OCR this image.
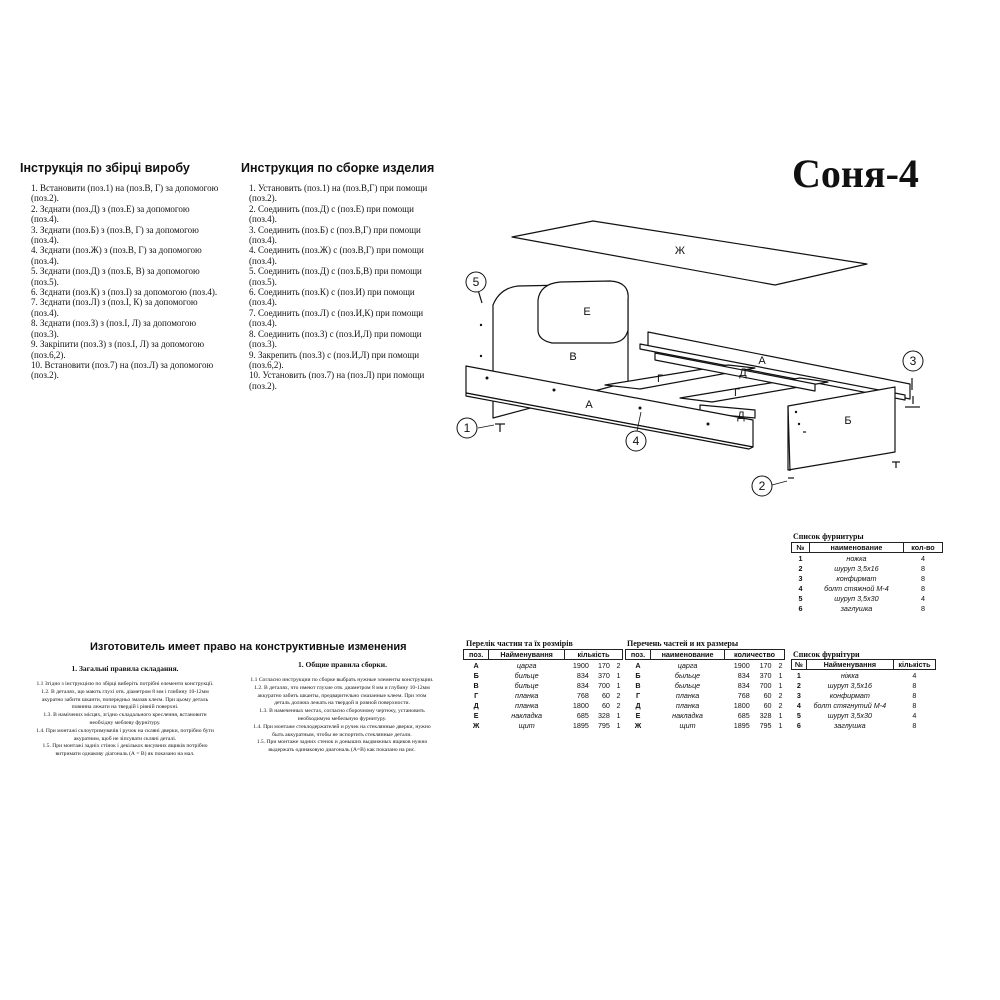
Інструкція по збірці виробу
1. Встановити (поз.1) на (поз.В, Г) за допомогою
(поз.2).
2. Зєднати (поз.Д) з (поз.Е) за допомогою
(поз.4).
3. Зєднати (поз.Б) з (поз.В, Г) за допомогою
(поз.4).
4. Зєднати (поз.Ж) з (поз.В, Г) за допомогою
(поз.4).
5. Зєднати (поз.Д) з (поз.Б, В) за допомогою
(поз.5).
6. Зєднати (поз.К) з (поз.І) за допомогою (поз.4).
7. Зєднати (поз.Л) з (поз.І, К) за допомогою
(поз.4).
8. Зєднати (поз.З) з (поз.І, Л) за допомогою
(поз.3).
9. Закріпити (поз.З) з (поз.І, Л) за допомогою
(поз.6,2).
10. Встановити (поз.7) на (поз.Л) за допомогою
(поз.2).
Инструкция по сборке изделия
1. Установить (поз.1) на (поз.В,Г) при помощи
(поз.2).
2. Соединить (поз.Д) с (поз.Е) при помощи
(поз.4).
3. Соединить (поз.Б) с (поз.В,Г) при помощи
(поз.4).
4. Соединить (поз.Ж) с (поз.В,Г) при помощи
(поз.4).
5. Соединить (поз.Д) с (поз.Б,В) при помощи
(поз.5).
6. Соединить (поз.К) с (поз.И) при помощи
(поз.4).
7. Соединить (поз.Л) с (поз.И,К) при помощи
(поз.4).
8. Соединить (поз.З) с (поз.И,Л) при помощи
(поз.3).
9. Закрепить (поз.З) с (поз.И,Л) при помощи
(поз.6,2).
10. Установить (поз.7) на (поз.Л) при помощи
(поз.2).
Соня-4
Ж
Е
В	А
Г
Г
Д
Д
А
Б
5
3
1
4
2
Список фурнитуры
№	наименование	кол-во
1	ножка	4
2	шуруп 3,5х16	8
3	конфирмат	8
4	болт стяжной М-4	8
5	шуруп 3,5х30	4
6	заглушка	8
Изготовитель имеет право на конструктивные изменения
1. Загальні правила складання.
1.1 Згідно з інструкцією по збірці виберіть потрібні елементи конструкції.
1.2. В деталях, що мають глухі отв. діаметром 8 мм і глибину 10-12мм
акуратно забити шканти, попередньо змазав клеєм. При цьому деталь
повинна лежати на твердій і рівній поверхні.
1.3. В намічених місцях, згідно складального креслення, встановити
необхідну меблеву фурнітуру.
1.4. При монтажі склоутримувачів і ручок на скляні дверки, потрібно бути
акуратним, щоб не зіпсувати скляні деталі.
1.5. При монтажі задніх стінок і декількох висувних ящиків потрібно
витримати однакову діагональ (А = В) як показано на мал.
1. Общие правила сборки.
1.1 Согласно инструкции по сборке выбрать нужные элементы конструкции.
1.2. В деталях, что имеют глухие отв. диаметром 8 мм и глубину 10-12мм
аккуратно забить шканты, предварительно смазанные клеем. При этом
деталь должна лежать на твердой и ровной поверхности.
1.3. В намеченных местах, согласно сборочному чертежу, установить
необходимую мебельную фурнитуру.
1.4. При монтаже стеклодержателей и ручек на стеклянные дверки, нужно
быть аккуратным, чтобы не испортить стеклянные детали.
1.5. При монтаже задних стенок и доныших выдвижных ящиков нужно
выдержать одинаковую диагональ (А=В) как показано на рис.
Перелік частин та їх розмірів
поз.	Найменування	кількість		
А	царга	1900	170	2
Б	бильце	834	370	1
В	бильце	834	700	1
Г	планка	768	60	2
Д	планка	1800	60	2
Е	накладка	685	328	1
Ж	щит	1895	795	1
Перечень частей и их размеры
поз.	наименование	количество		
А	царга	1900	170	2
Б	быльце	834	370	1
В	быльце	834	700	1
Г	планка	768	60	2
Д	планка	1800	60	2
Е	накладка	685	328	1
Ж	щит	1895	795	1
Список фурнітури
№	Найменування	кількість
1	ніжка	4
2	шуруп 3,5х16	8
3	конфирмат	8
4	болт стягнутий М-4	8
5	шуруп 3,5х30	4
6	заглушка	8
